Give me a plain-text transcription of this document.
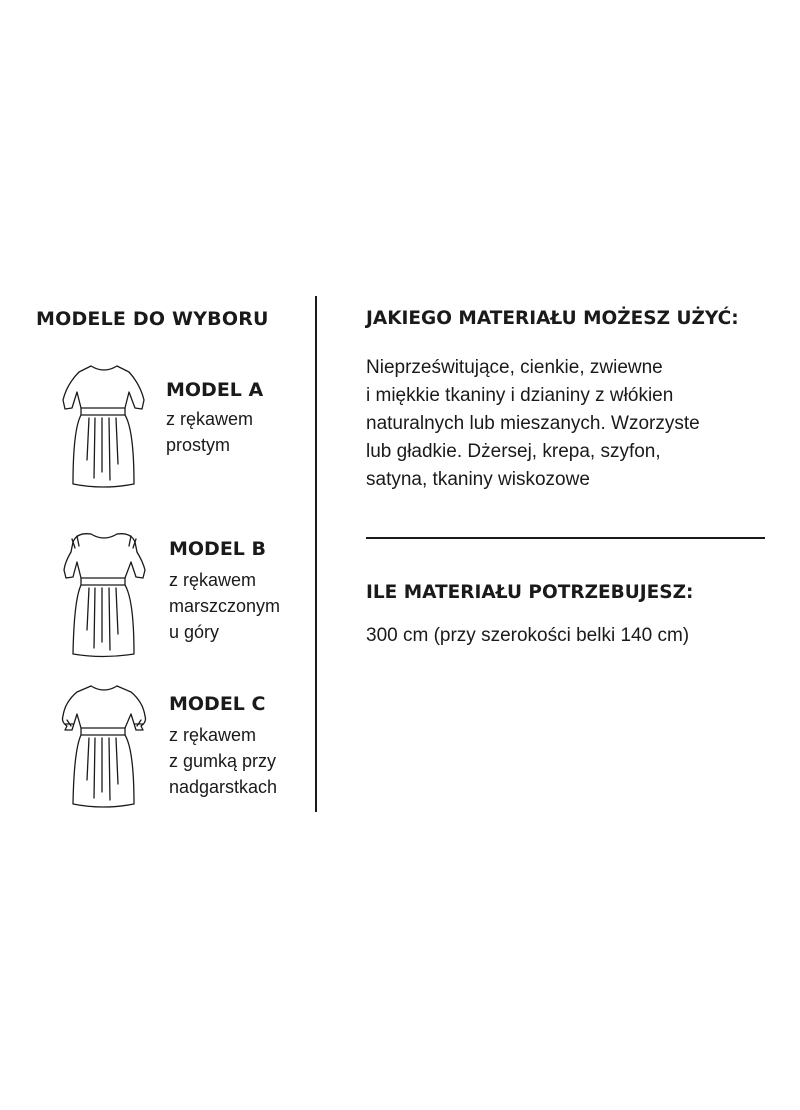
MODELE DO WYBORU
MODEL A
z rękawem
prostym
MODEL B
z rękawem
marszczonym
u góry
MODEL C
z rękawem
z gumką przy
nadgarstkach
JAKIEGO MATERIAŁU MOŻESZ UŻYĆ:
Nieprześwitujące, cienkie, zwiewne
i miękkie tkaniny i dzianiny z włókien
naturalnych lub mieszanych. Wzorzyste
lub gładkie. Dżersej, krepa, szyfon,
satyna, tkaniny wiskozowe
ILE MATERIAŁU POTRZEBUJESZ:
300 cm (przy szerokości belki 140 cm)
